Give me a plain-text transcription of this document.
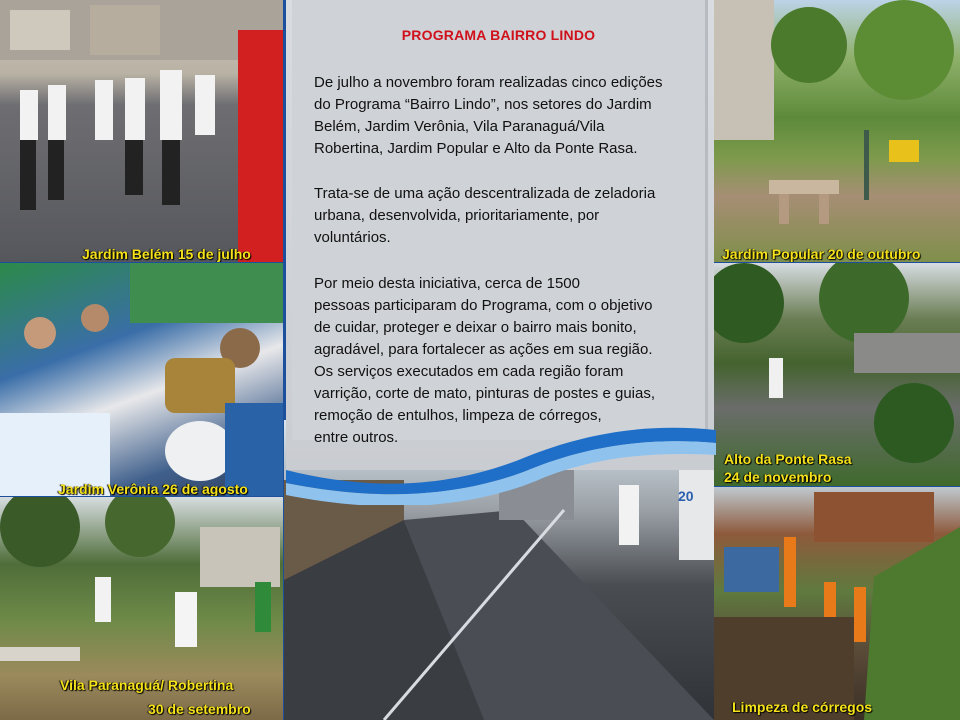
Jardim Belém 15 de julho	Jardim Popular 20 de outubro
Jardim Verônia 26 de agosto
Alto da Ponte Rasa
24 de novembro
Vila Paranaguá/ Robertina
30 de setembro	Limpeza de córregos
PROGRAMA BAIRRO LINDO
De julho a novembro foram realizadas cinco edições
do Programa “Bairro Lindo”, nos setores do Jardim
Belém, Jardim Verônia, Vila Paranaguá/Vila
Robertina, Jardim Popular e Alto da Ponte Rasa.
Trata-se de uma ação descentralizada de zeladoria
urbana, desenvolvida, prioritariamente, por
voluntários.
Por meio desta iniciativa, cerca de 1500
pessoas participaram do Programa, com o objetivo
de cuidar, proteger e deixar o bairro mais bonito,
agradável, para fortalecer as ações em sua região.
Os serviços executados em cada região foram
varrição, corte de mato, pinturas de postes e guias,
remoção de entulhos, limpeza de córregos,
entre outros.
20
